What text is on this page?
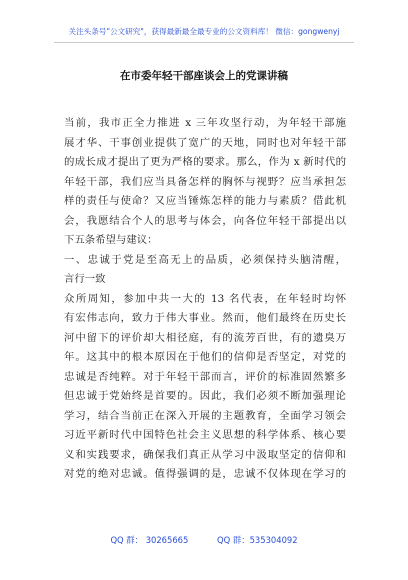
关注头条号"公文研究"，获得最新最全最专业的公文资料库！ 微信：gongwenyj
在市委年轻干部座谈会上的党课讲稿
当前，我市正全力推进 x 三年攻坚行动，为年轻干部施
展才华、干事创业提供了宽广的天地，同时也对年轻干部
的成长成才提出了更为严格的要求。那么，作为 x 新时代的
年轻干部，我们应当具备怎样的胸怀与视野？应当承担怎
样的责任与使命？又应当锤炼怎样的能力与素质？借此机
会，我愿结合个人的思考与体会，向各位年轻干部提出以
下五条希望与建议：
一、忠诚于党是至高无上的品质，必须保持头脑清醒，
言行一致
众所周知，参加中共一大的 13 名代表，在年轻时均怀
有宏伟志向，致力于伟大事业。然而，他们最终在历史长
河中留下的评价却大相径庭，有的流芳百世，有的遗臭万
年。这其中的根本原因在于他们的信仰是否坚定，对党的
忠诚是否纯粹。对于年轻干部而言，评价的标准固然繁多
但忠诚于党始终是首要的。因此，我们必须不断加强理论
学习，结合当前正在深入开展的主题教育，全面学习领会
习近平新时代中国特色社会主义思想的科学体系、核心要
义和实践要求，确保我们真正从学习中汲取坚定的信仰和
对党的绝对忠诚。值得强调的是，忠诚不仅体现在学习的
QQ 群： 30265665	QQ 群：535304092
